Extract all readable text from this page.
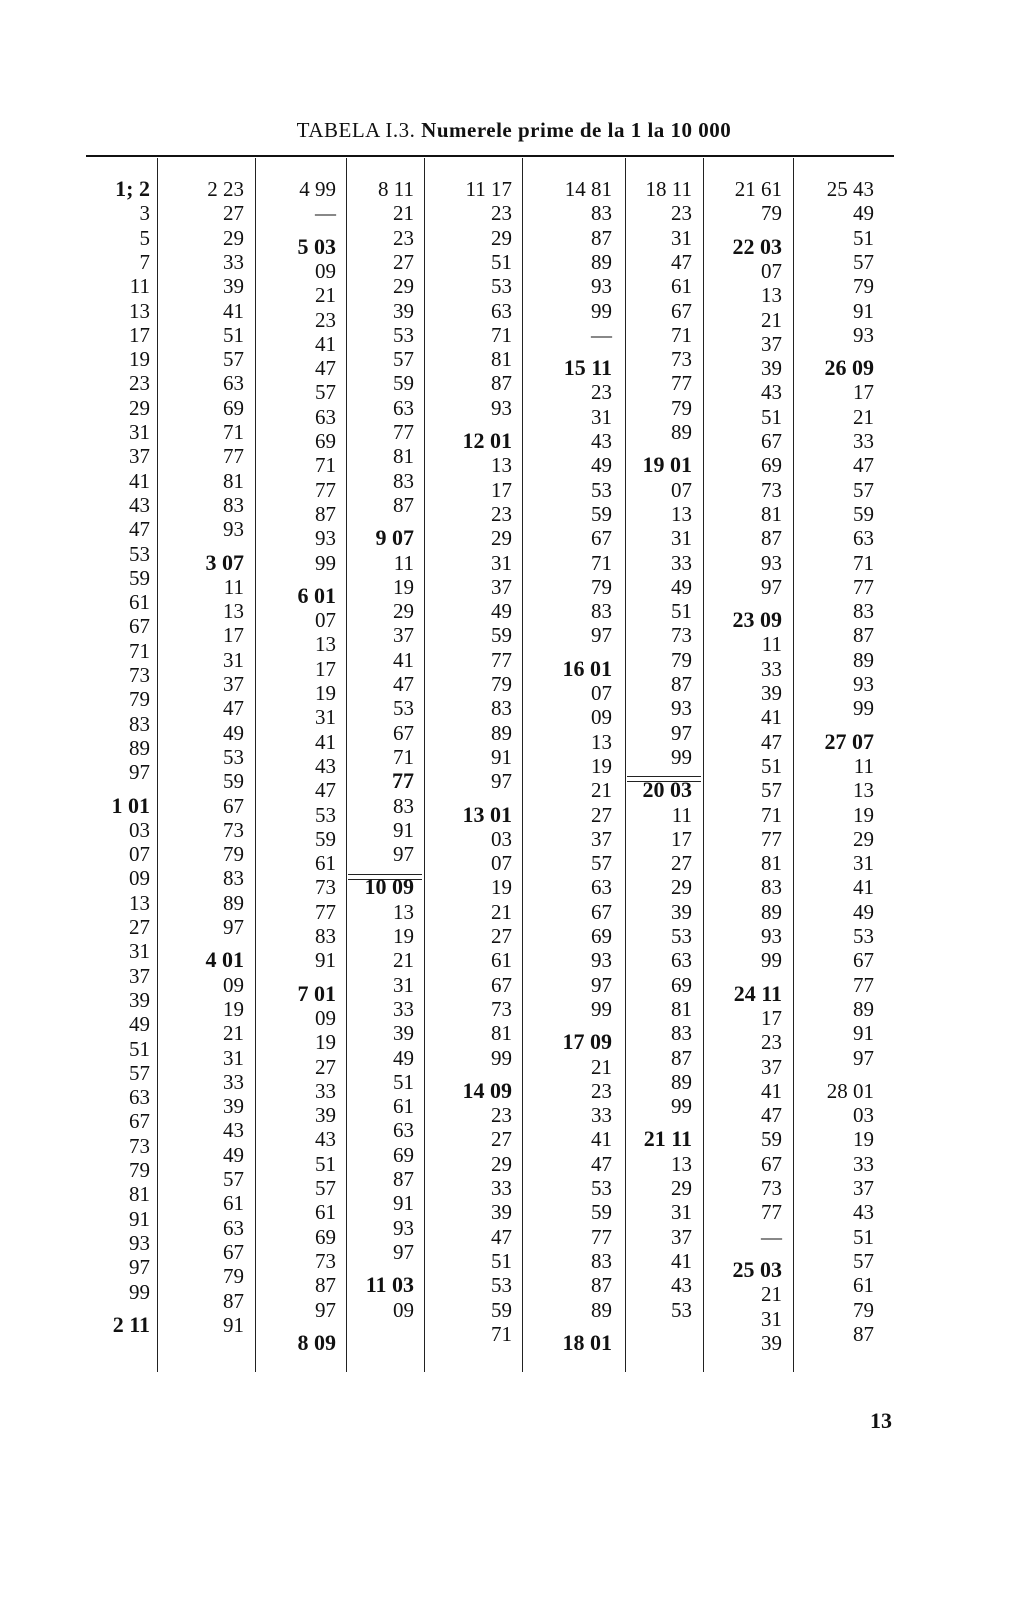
TABELA I.3. Numerele prime de la 1 la 10 000
1; 2
3
5
7
11
13
17
19
23
29
31
37
41
43
47
53
59
61
67
71
73
79
83
89
97
1 01
03
07
09
13
27
31
37
39
49
51
57
63
67
73
79
81
91
93
97
99
2 11
2 23
27
29
33
39
41
51
57
63
69
71
77
81
83
93
3 07
11
13
17
31
37
47
49
53
59
67
73
79
83
89
97
4 01
09
19
21
31
33
39
43
49
57
61
63
67
79
87
91
4 99
—
5 03
09
21
23
41
47
57
63
69
71
77
87
93
99
6 01
07
13
17
19
31
41
43
47
53
59
61
73
77
83
91
7 01
09
19
27
33
39
43
51
57
61
69
73
87
97
8 09
8 11
21
23
27
29
39
53
57
59
63
77
81
83
87
9 07
11
19
29
37
41
47
53
67
71
77
83
91
97
10 09
13
19
21
31
33
39
49
51
61
63
69
87
91
93
97
11 03
09
11 17
23
29
51
53
63
71
81
87
93
12 01
13
17
23
29
31
37
49
59
77
79
83
89
91
97
13 01
03
07
19
21
27
61
67
73
81
99
14 09
23
27
29
33
39
47
51
53
59
71
14 81
83
87
89
93
99
—
15 11
23
31
43
49
53
59
67
71
79
83
97
16 01
07
09
13
19
21
27
37
57
63
67
69
93
97
99
17 09
21
23
33
41
47
53
59
77
83
87
89
18 01
18 11
23
31
47
61
67
71
73
77
79
89
19 01
07
13
31
33
49
51
73
79
87
93
97
99
20 03
11
17
27
29
39
53
63
69
81
83
87
89
99
21 11
13
29
31
37
41
43
53
21 61
79
22 03
07
13
21
37
39
43
51
67
69
73
81
87
93
97
23 09
11
33
39
41
47
51
57
71
77
81
83
89
93
99
24 11
17
23
37
41
47
59
67
73
77
—
25 03
21
31
39
25 43
49
51
57
79
91
93
26 09
17
21
33
47
57
59
63
71
77
83
87
89
93
99
27 07
11
13
19
29
31
41
49
53
67
77
89
91
97
28 01
03
19
33
37
43
51
57
61
79
87
13
